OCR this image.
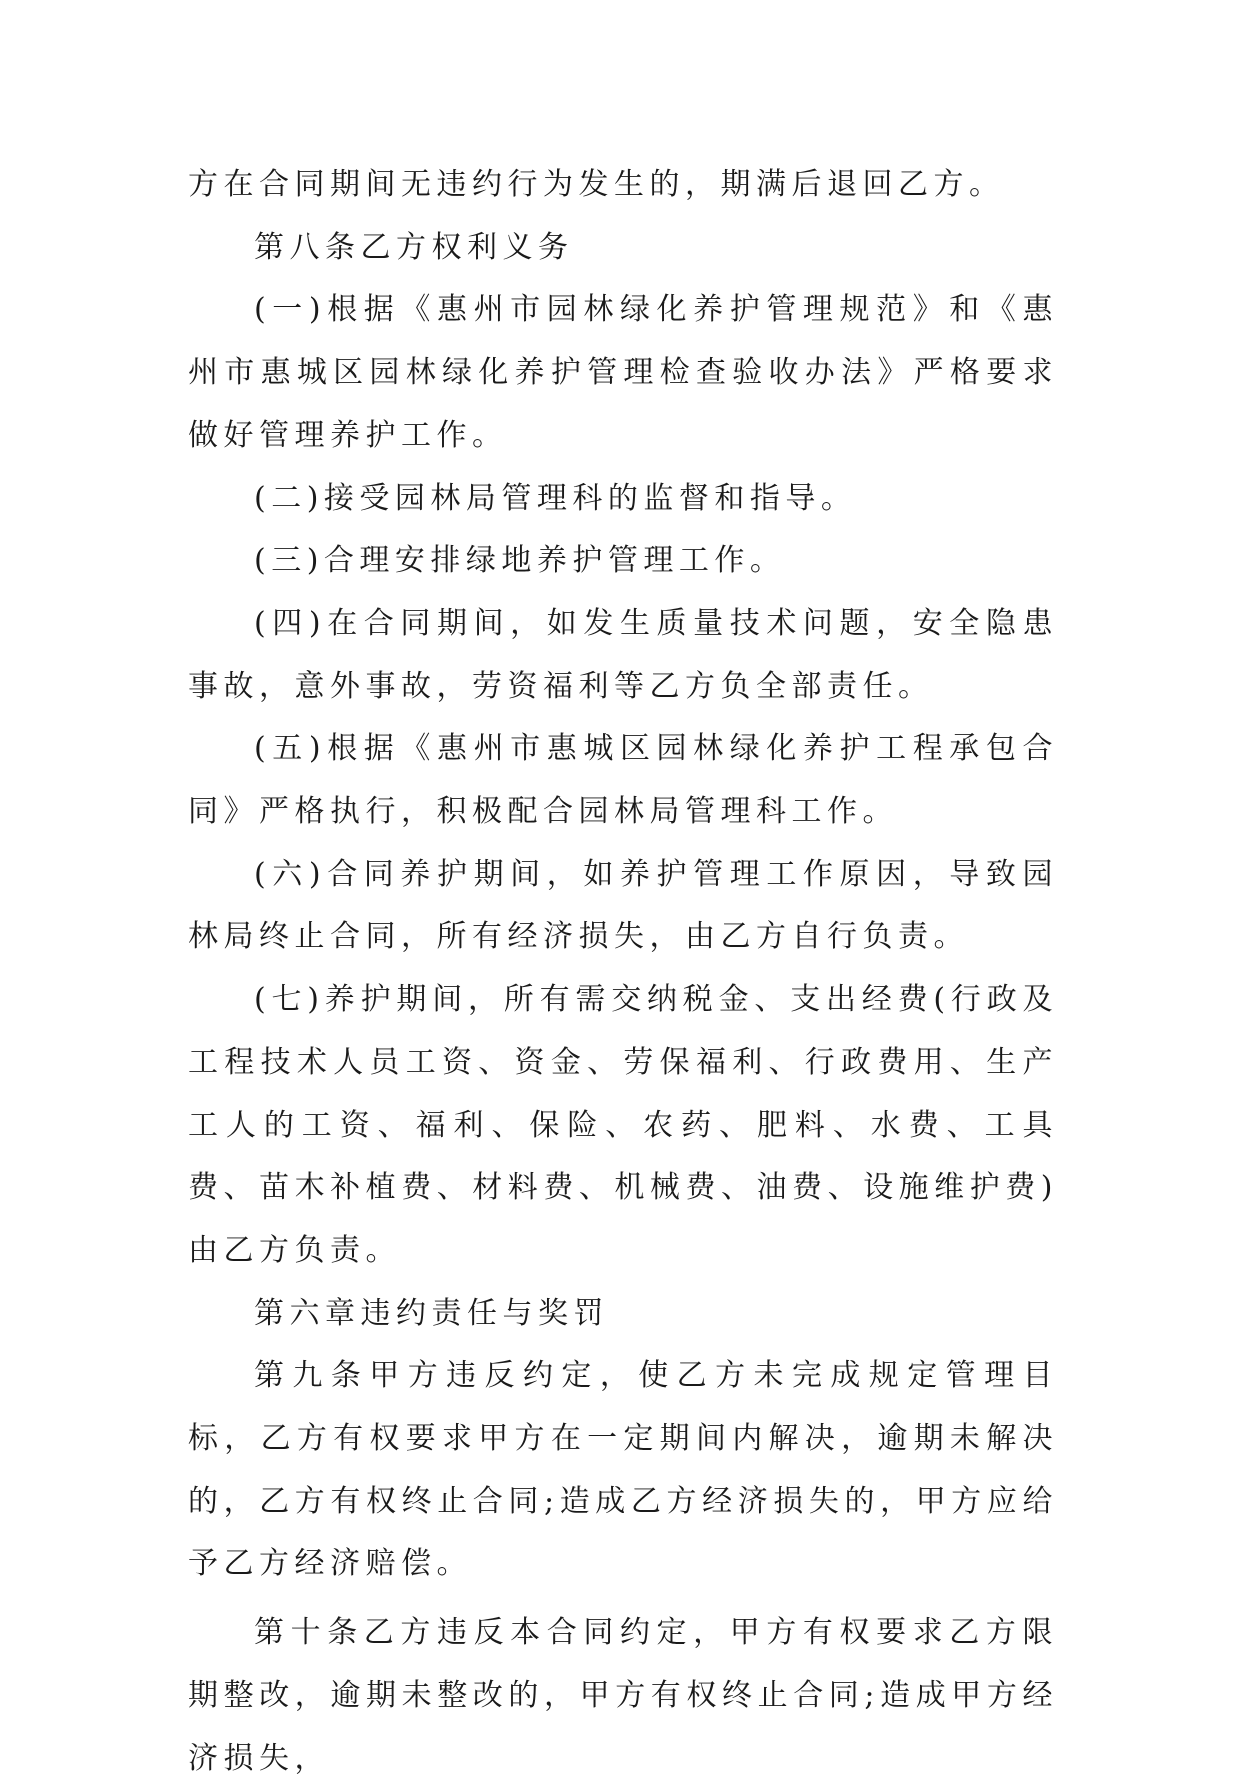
方在合同期间无违约行为发生的，期满后退回乙方。

第八条乙方权利义务

(一)根据《惠州市园林绿化养护管理规范》和《惠州市惠城区园林绿化养护管理检查验收办法》严格要求做好管理养护工作。

(二)接受园林局管理科的监督和指导。

(三)合理安排绿地养护管理工作。

(四)在合同期间，如发生质量技术问题，安全隐患事故，意外事故，劳资福利等乙方负全部责任。

(五)根据《惠州市惠城区园林绿化养护工程承包合同》严格执行，积极配合园林局管理科工作。

(六)合同养护期间，如养护管理工作原因，导致园林局终止合同，所有经济损失，由乙方自行负责。

(七)养护期间，所有需交纳税金、支出经费(行政及工程技术人员工资、资金、劳保福利、行政费用、生产工人的工资、福利、保险、农药、肥料、水费、工具费、苗木补植费、材料费、机械费、油费、设施维护费)由乙方负责。

第六章违约责任与奖罚

第九条甲方违反约定，使乙方未完成规定管理目标，乙方有权要求甲方在一定期间内解决，逾期未解决的，乙方有权终止合同;造成乙方经济损失的，甲方应给予乙方经济赔偿。

第十条乙方违反本合同约定，甲方有权要求乙方限期整改，逾期未整改的，甲方有权终止合同;造成甲方经济损失，
